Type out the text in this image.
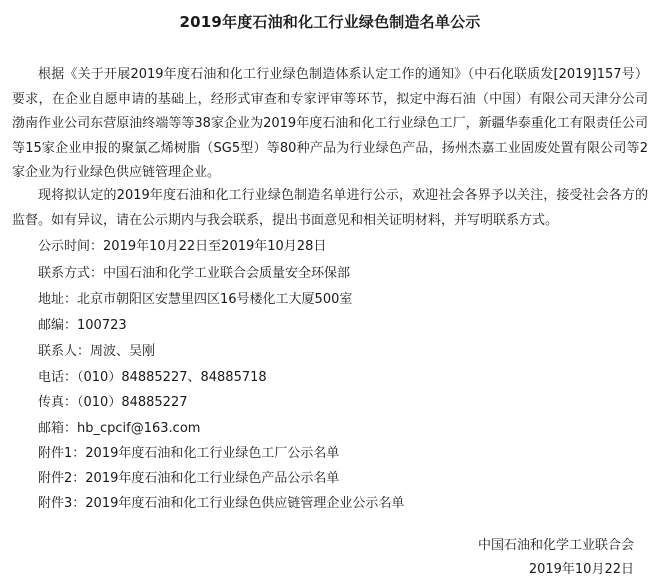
2019年度石油和化工行业绿色制造名单公示

根据《关于开展2019年度石油和化工行业绿色制造体系认定工作的通知》（中石化联质发[2019]157号）要求，在企业自愿申请的基础上，经形式审查和专家评审等环节，拟定中海石油（中国）有限公司天津分公司渤南作业公司东营原油终端等等38家企业为2019年度石油和化工行业绿色工厂，新疆华泰重化工有限责任公司等15家企业申报的聚氯乙烯树脂（SG5型）等80种产品为行业绿色产品，扬州杰嘉工业固废处置有限公司等2家企业为行业绿色供应链管理企业。

现将拟认定的2019年度石油和化工行业绿色制造名单进行公示，欢迎社会各界予以关注，接受社会各方的监督。如有异议，请在公示期内与我会联系，提出书面意见和相关证明材料，并写明联系方式。

公示时间：2019年10月22日至2019年10月28日
联系方式：中国石油和化学工业联合会质量安全环保部
地址：北京市朝阳区安慧里四区16号楼化工大厦500室
邮编：100723
联系人：周波、吴刚
电话：（010）84885227、84885718
传真：（010）84885227
邮箱：hb_cpcif@163.com
附件1：2019年度石油和化工行业绿色工厂公示名单
附件2：2019年度石油和化工行业绿色产品公示名单
附件3：2019年度石油和化工行业绿色供应链管理企业公示名单
中国石油和化学工业联合会
2019年10月22日
